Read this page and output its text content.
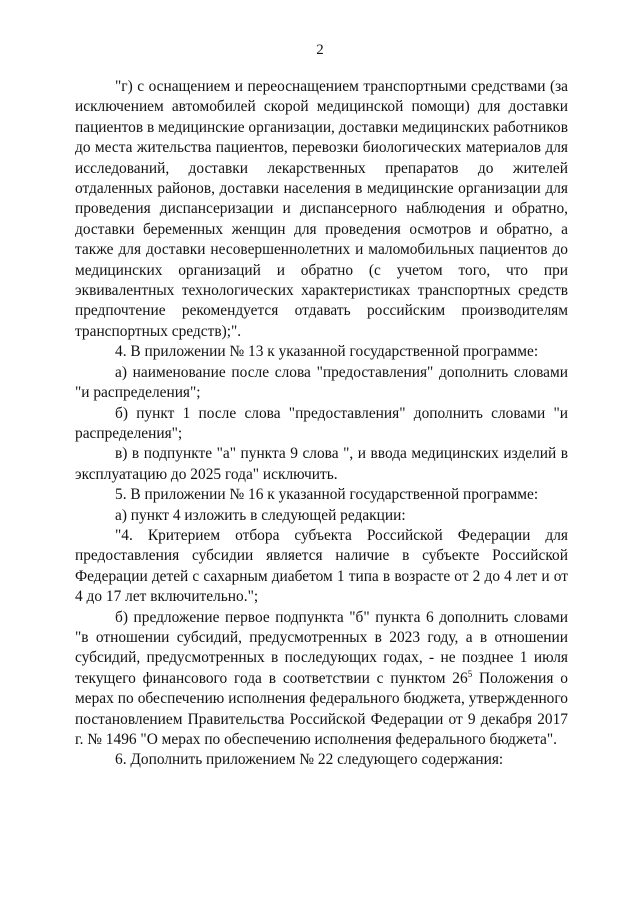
2

"г) с оснащением и переоснащением транспортными средствами (за исключением автомобилей скорой медицинской помощи) для доставки пациентов в медицинские организации, доставки медицинских работников до места жительства пациентов, перевозки биологических материалов для исследований, доставки лекарственных препаратов до жителей отдаленных районов, доставки населения в медицинские организации для проведения диспансеризации и диспансерного наблюдения и обратно, доставки беременных женщин для проведения осмотров и обратно, а также для доставки несовершеннолетних и маломобильных пациентов до медицинских организаций и обратно (с учетом того, что при эквивалентных технологических характеристиках транспортных средств предпочтение рекомендуется отдавать российским производителям транспортных средств);".

4. В приложении № 13 к указанной государственной программе:

а) наименование после слова "предоставления" дополнить словами "и распределения";

б) пункт 1 после слова "предоставления" дополнить словами "и распределения";

в) в подпункте "а" пункта 9 слова ", и ввода медицинских изделий в эксплуатацию до 2025 года" исключить.

5. В приложении № 16 к указанной государственной программе:

а) пункт 4 изложить в следующей редакции:

"4. Критерием отбора субъекта Российской Федерации для предоставления субсидии является наличие в субъекте Российской Федерации детей с сахарным диабетом 1 типа в возрасте от 2 до 4 лет и от 4 до 17 лет включительно.";

б) предложение первое подпункта "б" пункта 6 дополнить словами "в отношении субсидий, предусмотренных в 2023 году, а в отношении субсидий, предусмотренных в последующих годах, - не позднее 1 июля текущего финансового года в соответствии с пунктом $26^5$ Положения о мерах по обеспечению исполнения федерального бюджета, утвержденного постановлением Правительства Российской Федерации от 9 декабря 2017 г. № 1496 "О мерах по обеспечению исполнения федерального бюджета".

6. Дополнить приложением № 22 следующего содержания:
